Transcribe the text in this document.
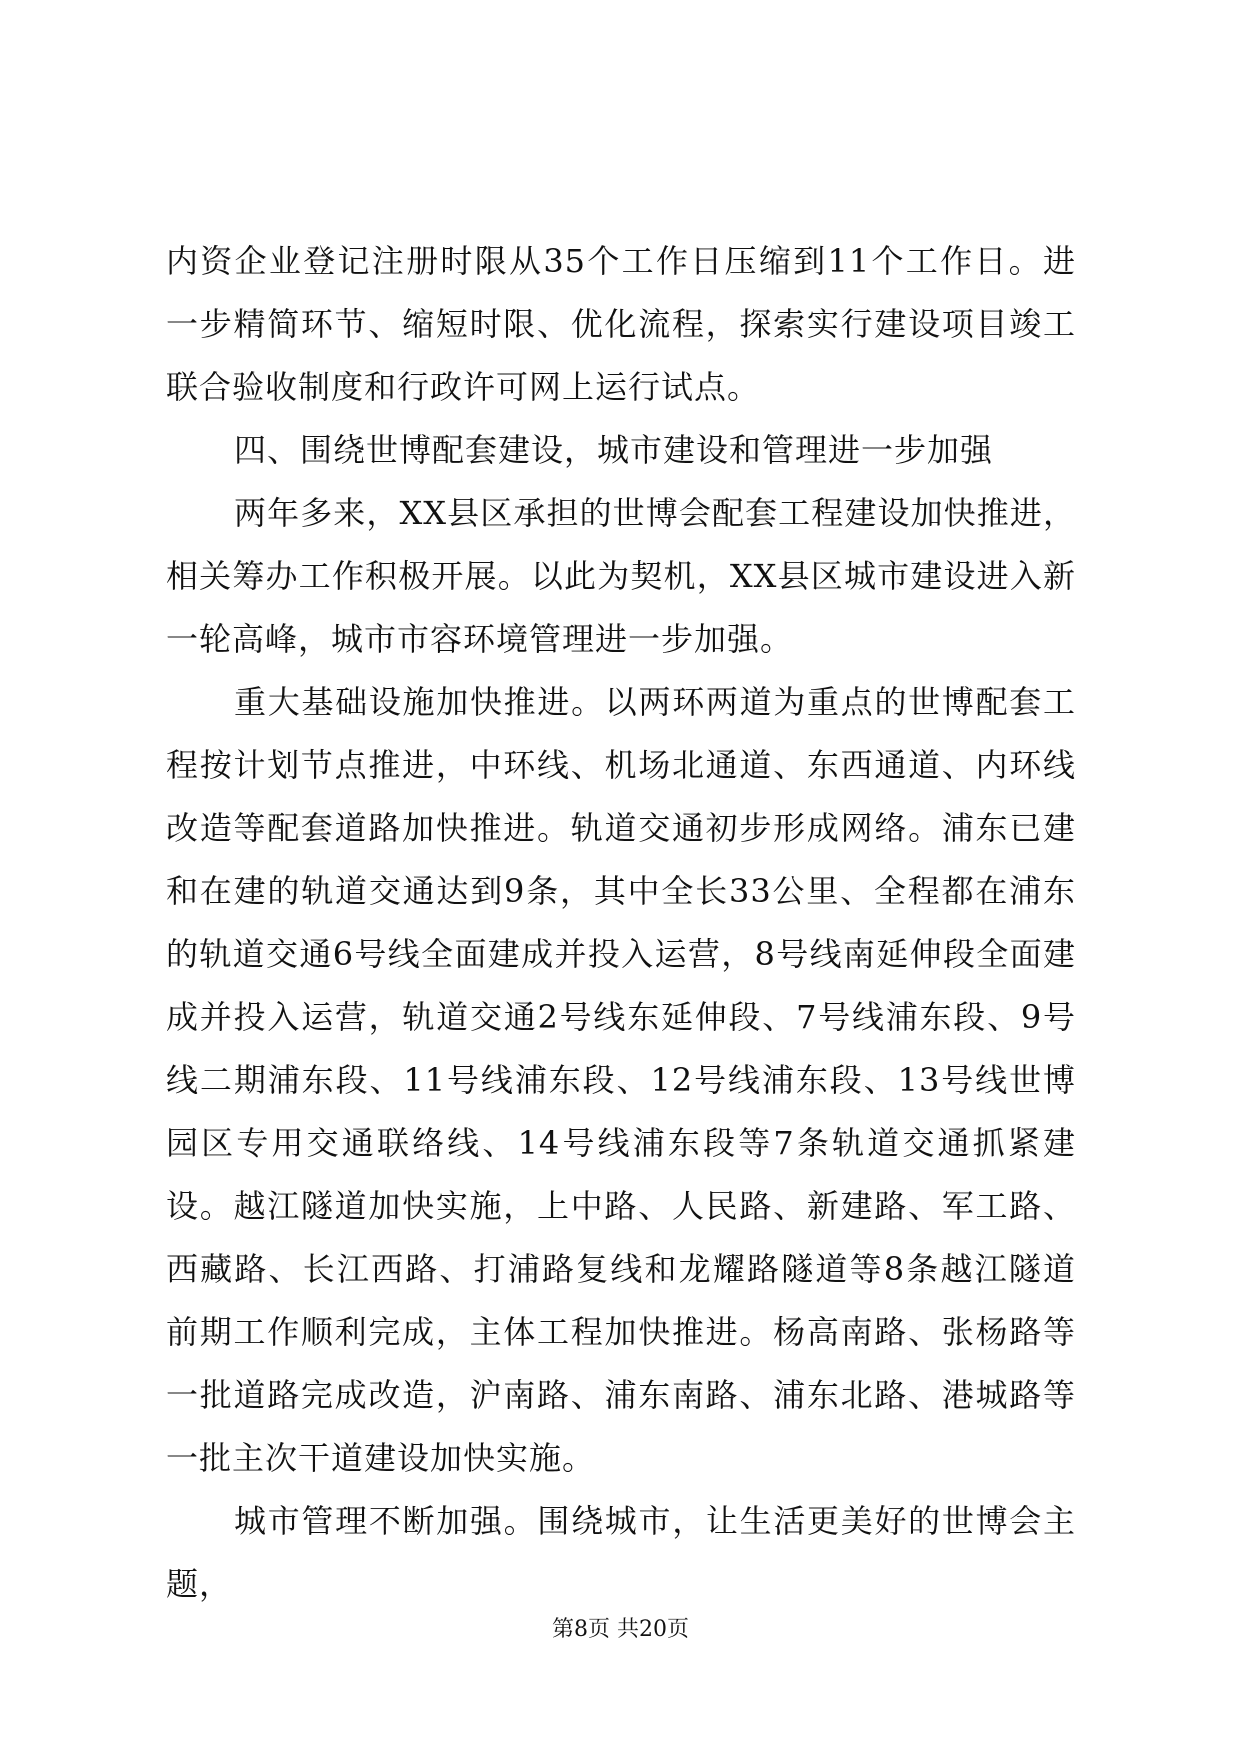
内资企业登记注册时限从35个工作日压缩到11个工作日。进一步精简环节、缩短时限、优化流程，探索实行建设项目竣工联合验收制度和行政许可网上运行试点。

四、围绕世博配套建设，城市建设和管理进一步加强

两年多来，XX县区承担的世博会配套工程建设加快推进，相关筹办工作积极开展。以此为契机，XX县区城市建设进入新一轮高峰，城市市容环境管理进一步加强。

重大基础设施加快推进。以两环两道为重点的世博配套工程按计划节点推进，中环线、机场北通道、东西通道、内环线改造等配套道路加快推进。轨道交通初步形成网络。浦东已建和在建的轨道交通达到9条，其中全长33公里、全程都在浦东的轨道交通6号线全面建成并投入运营，8号线南延伸段全面建成并投入运营，轨道交通2号线东延伸段、7号线浦东段、9号线二期浦东段、11号线浦东段、12号线浦东段、13号线世博园区专用交通联络线、14号线浦东段等7条轨道交通抓紧建设。越江隧道加快实施，上中路、人民路、新建路、军工路、西藏路、长江西路、打浦路复线和龙耀路隧道等8条越江隧道前期工作顺利完成，主体工程加快推进。杨高南路、张杨路等一批道路完成改造，沪南路、浦东南路、浦东北路、港城路等一批主次干道建设加快实施。

城市管理不断加强。围绕城市，让生活更美好的世博会主题，

第8页 共20页
